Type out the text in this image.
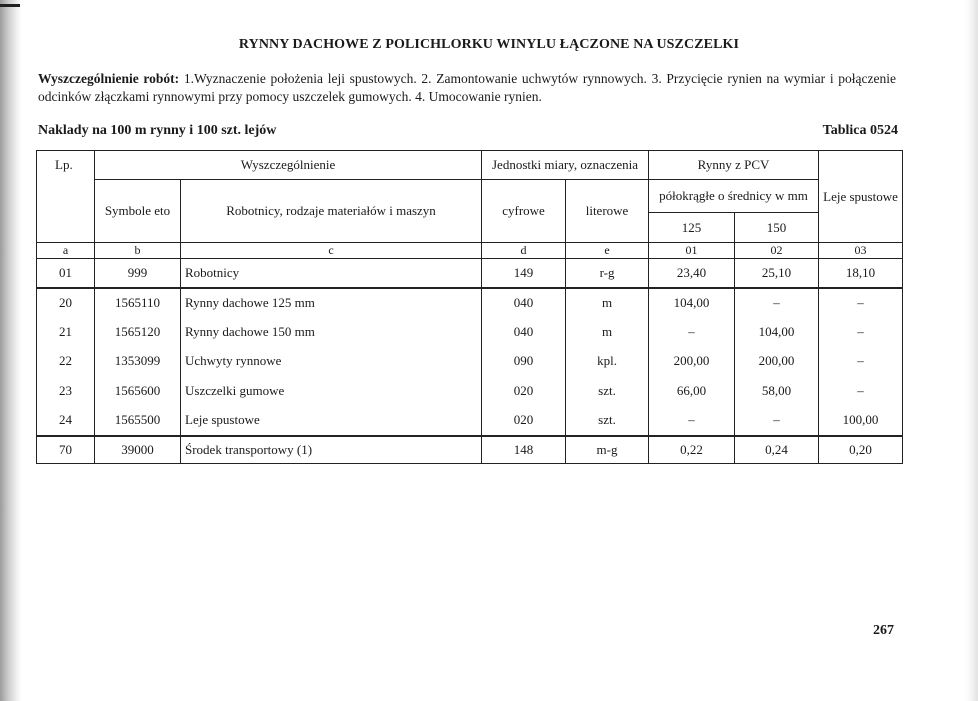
RYNNY DACHOWE Z POLICHLORKU WINYLU ŁĄCZONE NA USZCZELKI
Wyszczególnienie robót: 1.Wyznaczenie położenia leji spustowych. 2. Zamontowanie uchwytów rynnowych. 3. Przycięcie rynien na wymiar i połączenie odcinków złączkami rynnowymi przy pomocy uszczelek gumowych. 4. Umocowanie rynien.
Naklady na 100 m rynny i 100 szt. lejów	Tablica 0524
Lp.	Wyszczególnienie		Jednostki miary, oznaczenia		Rynny z PCV		Leje spustowe
	Symbole eto	Robotnicy, rodzaje materiałów i maszyn	cyfrowe	literowe	półokrągłe o średnicy w mm		
					125	150	
a	b	c	d	e	01	02	03
01	999	Robotnicy	149	r-g	23,40	25,10	18,10
20	1565110	Rynny dachowe 125 mm	040	m	104,00	–	–
21	1565120	Rynny dachowe 150 mm	040	m	–	104,00	–
22	1353099	Uchwyty rynnowe	090	kpl.	200,00	200,00	–
23	1565600	Uszczelki gumowe	020	szt.	66,00	58,00	–
24	1565500	Leje spustowe	020	szt.	–	–	100,00
70	39000	Środek transportowy (1)	148	m-g	0,22	0,24	0,20
267
